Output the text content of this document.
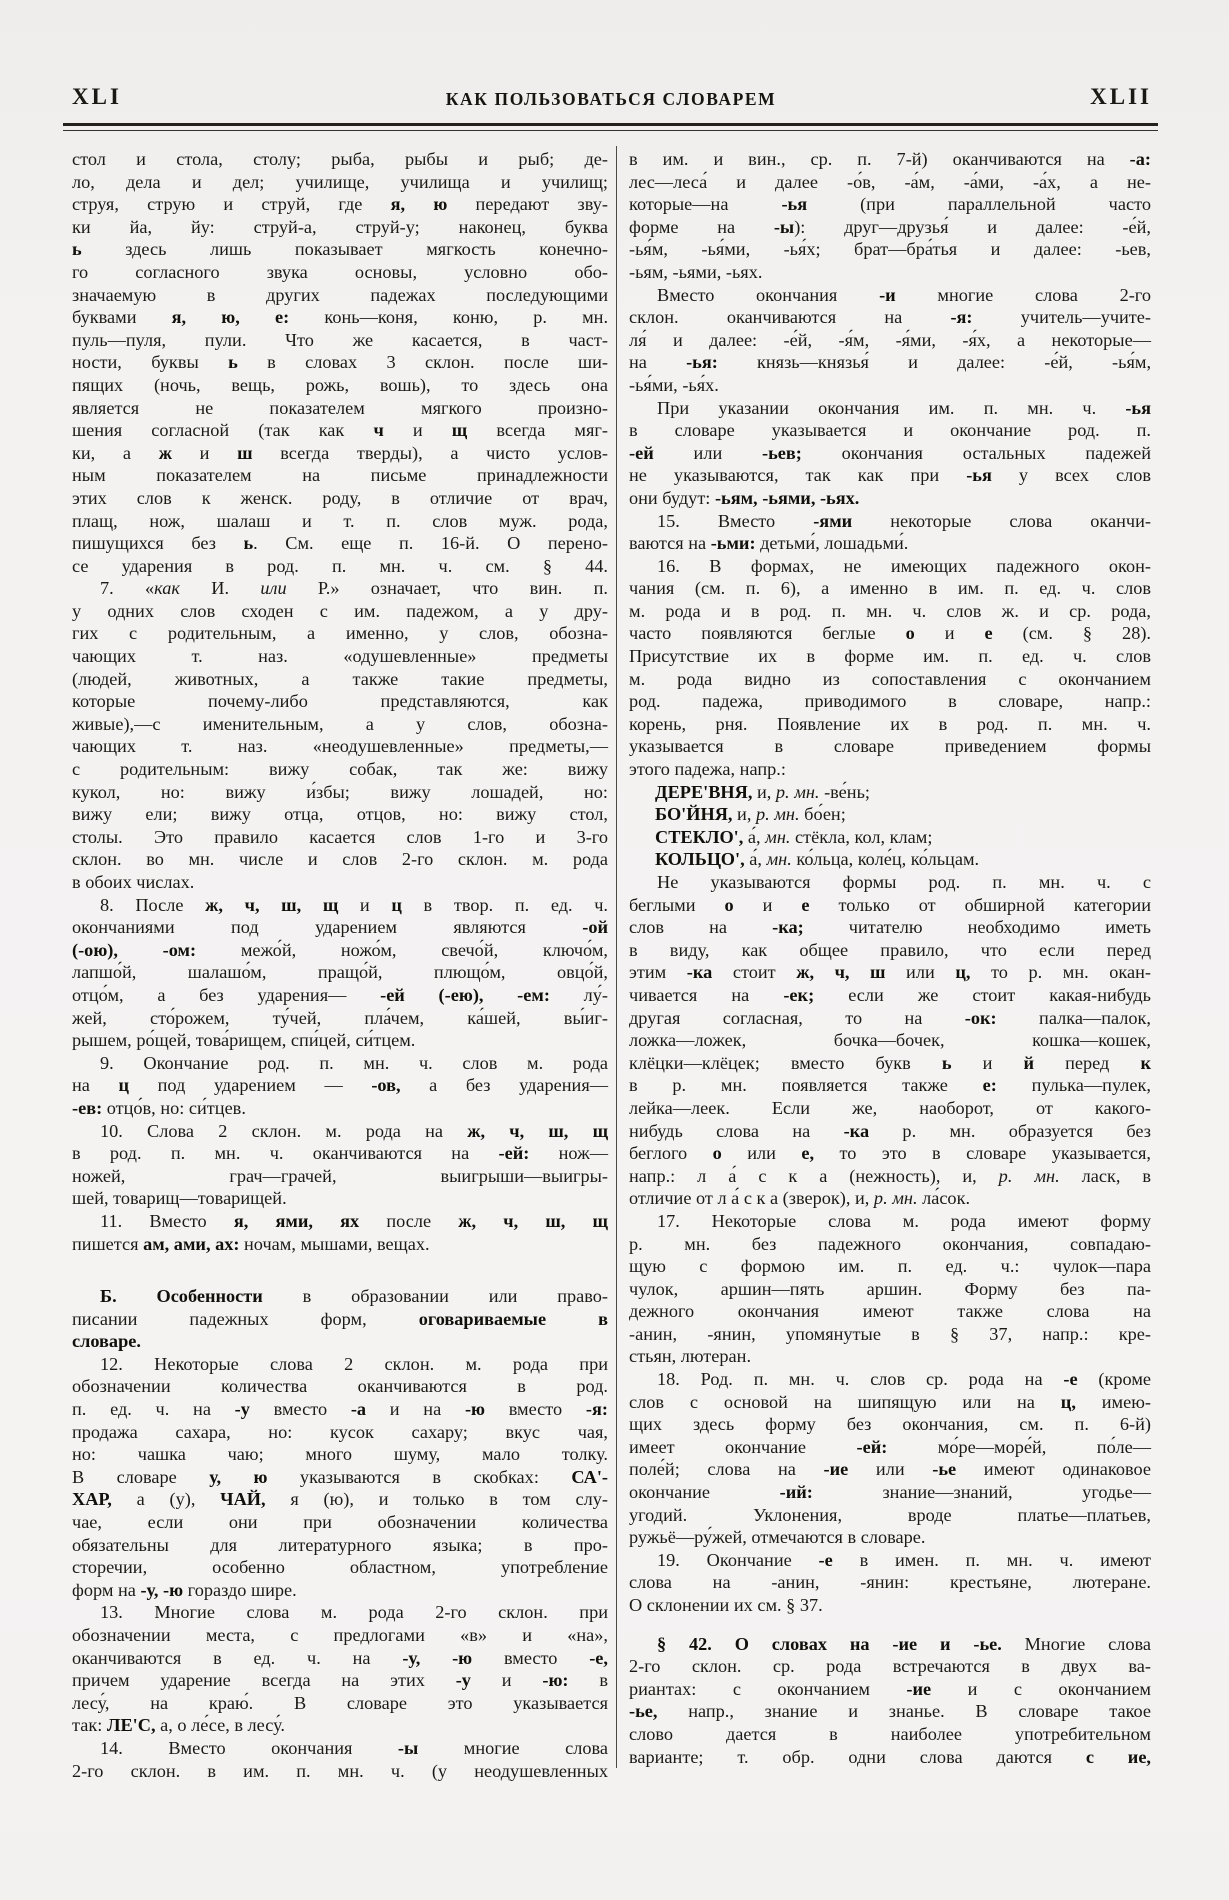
XLI	КАК ПОЛЬЗОВАТЬСЯ СЛОВАРЕМ	XLII
стол и стола, столу; рыба, рыбы и рыб; де-
ло, дела и дел; училище, училища и училищ;
струя, струю и струй, где я, ю передают зву-
ки йа, йу: струй-а, струй-у; наконец, буква
ь здесь лишь показывает мягкость конечно-
го согласного звука основы, условно обо-
значаемую в других падежах последующими
буквами я, ю, е: конь—коня, коню, р. мн.
пуль—пуля, пули. Что же касается, в част-
ности, буквы ь в словах 3 склон. после ши-
пящих (ночь, вещь, рожь, вошь), то здесь она
является не показателем мягкого произно-
шения согласной (так как ч и щ всегда мяг-
ки, а ж и ш всегда тверды), а чисто услов-
ным показателем на письме принадлежности
этих слов к женск. роду, в отличие от врач,
плащ, нож, шалаш и т. п. слов муж. рода,
пишущихся без ь. См. еще п. 16-й. О перено-
се ударения в род. п. мн. ч. см. § 44.
7. «как И. или Р.» означает, что вин. п.
у одних слов сходен с им. падежом, а у дру-
гих с родительным, а именно, у слов, обозна-
чающих т. наз. «одушевленные» предметы
(людей, животных, а также такие предметы,
которые почему-либо представляются, как
живые),—с именительным, а у слов, обозна-
чающих т. наз. «неодушевленные» предметы,—
с родительным: вижу собак, так же: вижу
кукол, но: вижу и́збы; вижу лошадей, но:
вижу ели; вижу отца, отцов, но: вижу стол,
столы. Это правило касается слов 1-го и 3-го
склон. во мн. числе и слов 2-го склон. м. рода
в обоих числах.
8. После ж, ч, ш, щ и ц в твор. п. ед. ч.
окончаниями под ударением являются -ой
(-ою), -ом: межо́й, ножо́м, свечо́й, ключо́м,
лапшо́й, шалашо́м, пращо́й, плющо́м, овцо́й,
отцо́м, а без ударения— -ей (-ею), -ем: лу́-
жей, сто́рожем, ту́чей, пла́чем, ка́шей, вы́иг-
рышем, ро́щей, това́рищем, спи́цей, си́тцем.
9. Окончание род. п. мн. ч. слов м. рода
на ц под ударением — -ов, а без ударения—
-ев: отцо́в, но: си́тцев.
10. Слова 2 склон. м. рода на ж, ч, ш, щ
в род. п. мн. ч. оканчиваются на -ей: нож—
ножей, грач—грачей, выигрыши—выигры-
шей, товарищ—товарищей.
11. Вместо я, ями, ях после ж, ч, ш, щ
пишется ам, ами, ах: ночам, мышами, вещах.
Б. Особенности в образовании или право-
писании падежных форм, оговариваемые в
словаре.
12. Некоторые слова 2 склон. м. рода при
обозначении количества оканчиваются в род.
п. ед. ч. на -у вместо -а и на -ю вместо -я:
продажа сахара, но: кусок сахару; вкус чая,
но: чашка чаю; много шуму, мало толку.
В словаре у, ю указываются в скобках: СА'-
ХАР, а (у), ЧАЙ, я (ю), и только в том слу-
чае, если они при обозначении количества
обязательны для литературного языка; в про-
сторечии, особенно областном, употребление
форм на -у, -ю гораздо шире.
13. Многие слова м. рода 2-го склон. при
обозначении места, с предлогами «в» и «на»,
оканчиваются в ед. ч. на -у, -ю вместо -е,
причем ударение всегда на этих -у и -ю: в
лесу́, на краю́. В словаре это указывается
так: ЛЕ'С, а, о ле́се, в лесу́.
14. Вместо окончания -ы многие слова
2-го склон. в им. п. мн. ч. (у неодушевленных
в им. и вин., ср. п. 7-й) оканчиваются на -а:
лес—леса́ и далее -о́в, -а́м, -а́ми, -а́х, а не-
которые—на -ья (при параллельной часто
форме на -ы): друг—друзья́ и далее: -е́й,
-ья́м, -ья́ми, -ья́х; брат—бра́тья и далее: -ьев,
-ьям, -ьями, -ьях.
Вместо окончания -и многие слова 2-го
склон. оканчиваются на -я: учитель—учите-
ля́ и далее: -е́й, -я́м, -я́ми, -я́х, а некоторые—
на -ья: князь—князья́ и далее: -е́й, -ья́м,
-ья́ми, -ья́х.
При указании окончания им. п. мн. ч. -ья
в словаре указывается и окончание род. п.
-ей или -ьев; окончания остальных падежей
не указываются, так как при -ья у всех слов
они будут: -ьям, -ьями, -ьях.
15. Вместо -ями некоторые слова оканчи-
ваются на -ьми: детьми́, лошадьми́.
16. В формах, не имеющих падежного окон-
чания (см. п. 6), а именно в им. п. ед. ч. слов
м. рода и в род. п. мн. ч. слов ж. и ср. рода,
часто появляются беглые о и е (см. § 28).
Присутствие их в форме им. п. ед. ч. слов
м. рода видно из сопоставления с окончанием
род. падежа, приводимого в словаре, напр.:
корень, рня. Появление их в род. п. мн. ч.
указывается в словаре приведением формы
этого падежа, напр.:
ДЕРЕ'ВНЯ, и, р. мн. -ве́нь;
БО'ЙНЯ, и, р. мн. бо́ен;
СТЕКЛО', а́, мн. стёкла, кол, клам;
КОЛЬЦО', а́, мн. ко́льца, коле́ц, ко́льцам.
Не указываются формы род. п. мн. ч. с
беглыми о и е только от обширной категории
слов на -ка; читателю необходимо иметь
в виду, как общее правило, что если перед
этим -ка стоит ж, ч, ш или ц, то р. мн. окан-
чивается на -ек; если же стоит какая-нибудь
другая согласная, то на -ок: палка—палок,
ложка—ложек, бочка—бочек, кошка—кошек,
клёцки—клёцек; вместо букв ь и й перед к
в р. мн. появляется также е: пулька—пулек,
лейка—леек. Если же, наоборот, от какого-
нибудь слова на -ка р. мн. образуется без
беглого о или е, то это в словаре указывается,
напр.: л а́ с к а (нежность), и, р. мн. ласк, в
отличие от л а́ с к а (зверок), и, р. мн. ла́сок.
17. Некоторые слова м. рода имеют форму
р. мн. без падежного окончания, совпадаю-
щую с формою им. п. ед. ч.: чулок—пара
чулок, аршин—пять аршин. Форму без па-
дежного окончания имеют также слова на
-анин, -янин, упомянутые в § 37, напр.: кре-
стьян, лютеран.
18. Род. п. мн. ч. слов ср. рода на -е (кроме
слов с основой на шипящую или на ц, имею-
щих здесь форму без окончания, см. п. 6-й)
имеет окончание -ей: мо́ре—море́й, по́ле—
поле́й; слова на -ие или -ье имеют одинаковое
окончание -ий: знание—знаний, угодье—
угодий. Уклонения, вроде платье—платьев,
ружьё—ру́жей, отмечаются в словаре.
19. Окончание -е в имен. п. мн. ч. имеют
слова на -анин, -янин: крестьяне, лютеране.
О склонении их см. § 37.
§ 42. О словах на -ие и -ье. Многие слова
2-го склон. ср. рода встречаются в двух ва-
риантах: с окончанием -ие и с окончанием
-ье, напр., знание и знанье. В словаре такое
слово дается в наиболее употребительном
варианте; т. обр. одни слова даются с ие,
